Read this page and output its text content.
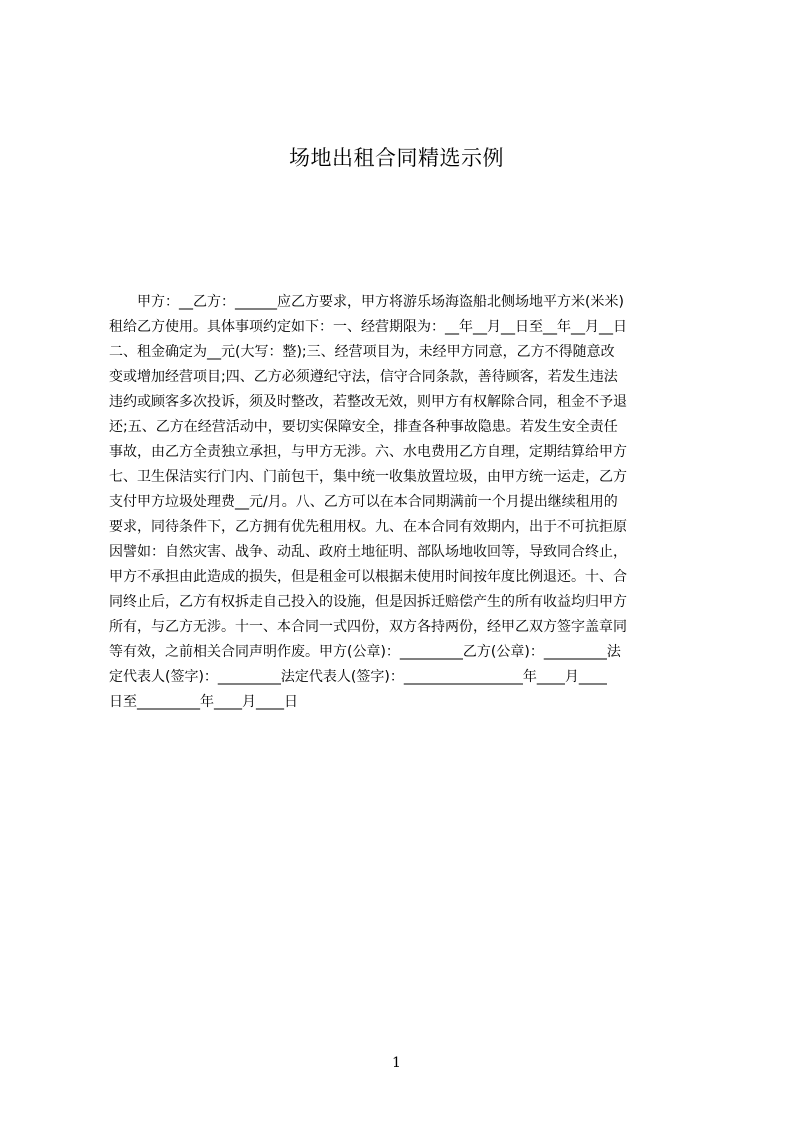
场地出租合同精选示例
　　甲方：__乙方：______应乙方要求，甲方将游乐场海盗船北侧场地平方米(米米)
租给乙方使用。具体事项约定如下：一、经营期限为：__年__月__日至__年__月__日
二、租金确定为__元(大写：整);三、经营项目为，未经甲方同意，乙方不得随意改
变或增加经营项目;四、乙方必须遵纪守法，信守合同条款，善待顾客，若发生违法
违约或顾客多次投诉，须及时整改，若整改无效，则甲方有权解除合同，租金不予退
还;五、乙方在经营活动中，要切实保障安全，排查各种事故隐患。若发生安全责任
事故，由乙方全责独立承担，与甲方无涉。六、水电费用乙方自理，定期结算给甲方
七、卫生保洁实行门内、门前包干，集中统一收集放置垃圾，由甲方统一运走，乙方
支付甲方垃圾处理费__元/月。八、乙方可以在本合同期满前一个月提出继续租用的
要求，同待条件下，乙方拥有优先租用权。九、在本合同有效期内，出于不可抗拒原
因譬如：自然灾害、战争、动乱、政府土地征明、部队场地收回等，导致同合终止，
甲方不承担由此造成的损失，但是租金可以根据未使用时间按年度比例退还。十、合
同终止后，乙方有权拆走自己投入的设施，但是因拆迁赔偿产生的所有收益均归甲方
所有，与乙方无涉。十一、本合同一式四份，双方各持两份，经甲乙双方签字盖章同
等有效，之前相关合同声明作废。甲方(公章)：_________乙方(公章)：_________法
定代表人(签字)：_________法定代表人(签字)：_________________年____月____
日至_________年____月____日
1
